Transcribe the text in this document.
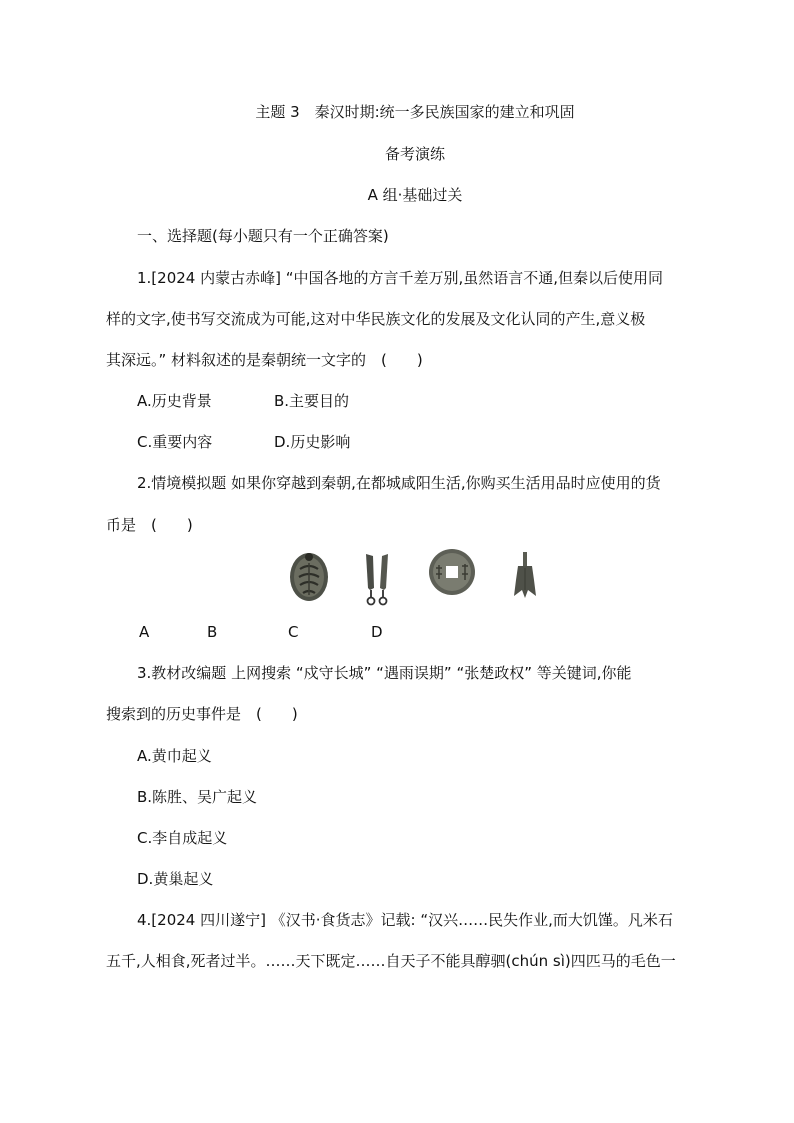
主题 3　秦汉时期:统一多民族国家的建立和巩固
备考演练
A 组·基础过关
一、选择题(每小题只有一个正确答案)
1.[2024 内蒙古赤峰] “中国各地的方言千差万别,虽然语言不通,但秦以后使用同
样的文字,使书写交流成为可能,这对中华民族文化的发展及文化认同的产生,意义极
其深远。” 材料叙述的是秦朝统一文字的　(　　)
A.历史背景	B.主要目的
C.重要内容	D.历史影响
2.情境模拟题 如果你穿越到秦朝,在都城咸阳生活,你购买生活用品时应使用的货
币是　(　　)
A	B	C	D
3.教材改编题 上网搜索 “戍守长城” “遇雨误期” “张楚政权” 等关键词,你能
搜索到的历史事件是　(　　)
A.黄巾起义
B.陈胜、吴广起义
C.李自成起义
D.黄巢起义
4.[2024 四川遂宁] 《汉书·食货志》记载: “汉兴……民失作业,而大饥馑。凡米石
五千,人相食,死者过半。……天下既定……自天子不能具醇驷(chún sì)四匹马的毛色一
